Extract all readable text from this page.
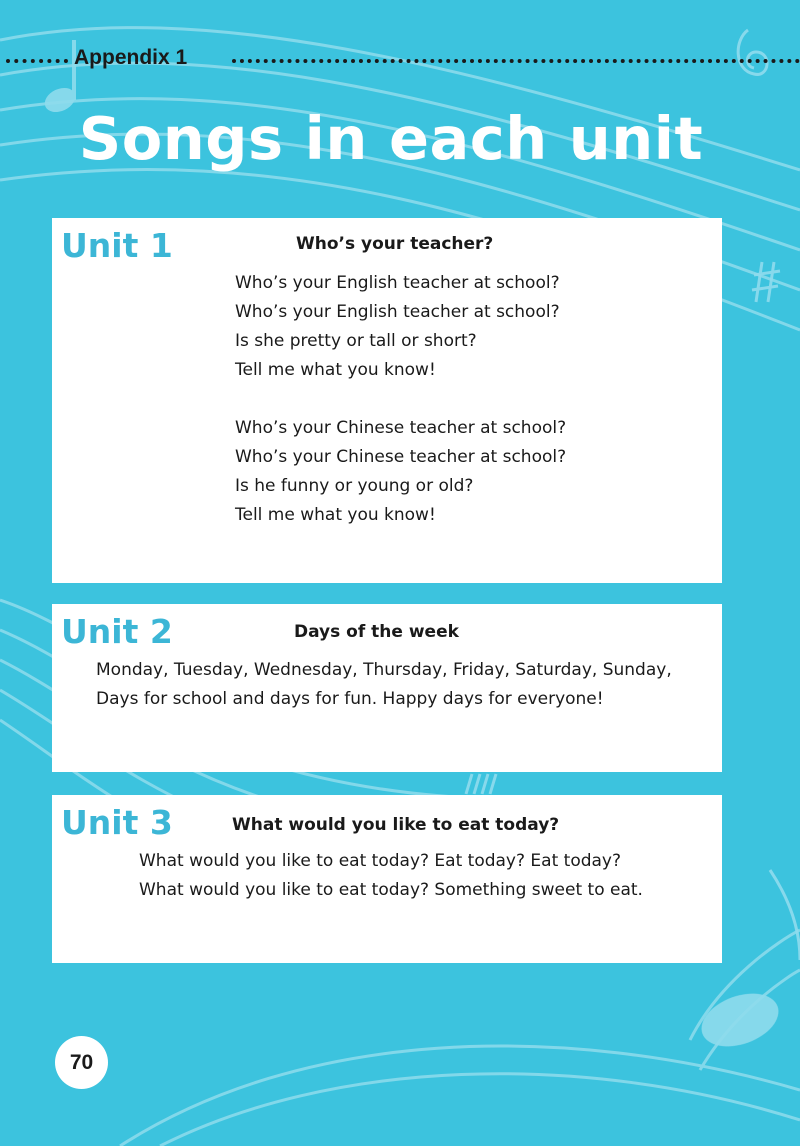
Appendix 1
Songs in each unit
Unit 1	Who’s your teacher?
Who’s your English teacher at school?
Who’s your English teacher at school?
Is she pretty or tall or short?
Tell me what you know!
Who’s your Chinese teacher at school?
Who’s your Chinese teacher at school?
Is he funny or young or old?
Tell me what you know!
Unit 2	Days of the week
Monday, Tuesday, Wednesday, Thursday, Friday, Saturday, Sunday,
Days for school and days for fun. Happy days for everyone!
Unit 3	What would you like to eat today?
What would you like to eat today? Eat today? Eat today?
What would you like to eat today? Something sweet to eat.
70
